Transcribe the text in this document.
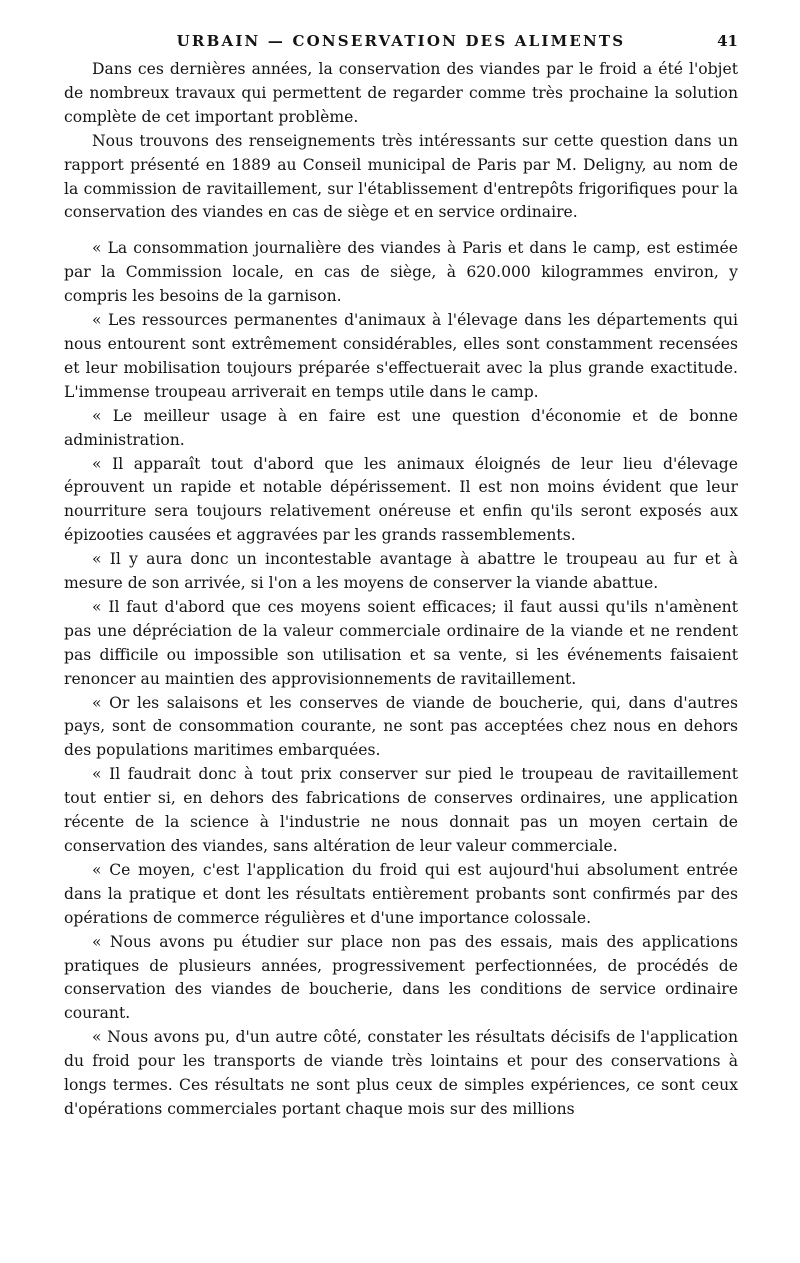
URBAIN — CONSERVATION DES ALIMENTS	41

Dans ces dernières années, la conservation des viandes par le froid a été l'objet de nombreux travaux qui permettent de regarder comme très prochaine la solution complète de cet important problème.

Nous trouvons des renseignements très intéressants sur cette question dans un rapport présenté en 1889 au Conseil municipal de Paris par M. Deligny, au nom de la commission de ravitaillement, sur l'établissement d'entrepôts frigorifiques pour la conservation des viandes en cas de siège et en service ordinaire.

« La consommation journalière des viandes à Paris et dans le camp, est estimée par la Commission locale, en cas de siège, à 620.000 kilogrammes environ, y compris les besoins de la garnison.

« Les ressources permanentes d'animaux à l'élevage dans les départements qui nous entourent sont extrêmement considérables, elles sont constamment recensées et leur mobilisation toujours préparée s'effectuerait avec la plus grande exactitude. L'immense troupeau arriverait en temps utile dans le camp.

« Le meilleur usage à en faire est une question d'économie et de bonne administration.

« Il apparaît tout d'abord que les animaux éloignés de leur lieu d'élevage éprouvent un rapide et notable dépérissement. Il est non moins évident que leur nourriture sera toujours relativement onéreuse et enfin qu'ils seront exposés aux épizooties causées et aggravées par les grands rassemblements.

« Il y aura donc un incontestable avantage à abattre le troupeau au fur et à mesure de son arrivée, si l'on a les moyens de conserver la viande abattue.

« Il faut d'abord que ces moyens soient efficaces; il faut aussi qu'ils n'amènent pas une dépréciation de la valeur commerciale ordinaire de la viande et ne rendent pas difficile ou impossible son utilisation et sa vente, si les événements faisaient renoncer au maintien des approvisionnements de ravitaillement.

« Or les salaisons et les conserves de viande de boucherie, qui, dans d'autres pays, sont de consommation courante, ne sont pas acceptées chez nous en dehors des populations maritimes embarquées.

« Il faudrait donc à tout prix conserver sur pied le troupeau de ravitaillement tout entier si, en dehors des fabrications de conserves ordinaires, une application récente de la science à l'industrie ne nous donnait pas un moyen certain de conservation des viandes, sans altération de leur valeur commerciale.

« Ce moyen, c'est l'application du froid qui est aujourd'hui absolument entrée dans la pratique et dont les résultats entièrement probants sont confirmés par des opérations de commerce régulières et d'une importance colossale.

« Nous avons pu étudier sur place non pas des essais, mais des applications pratiques de plusieurs années, progressivement perfectionnées, de procédés de conservation des viandes de boucherie, dans les conditions de service ordinaire courant.

« Nous avons pu, d'un autre côté, constater les résultats décisifs de l'application du froid pour les transports de viande très lointains et pour des conservations à longs termes. Ces résultats ne sont plus ceux de simples expériences, ce sont ceux d'opérations commerciales portant chaque mois sur des millions
